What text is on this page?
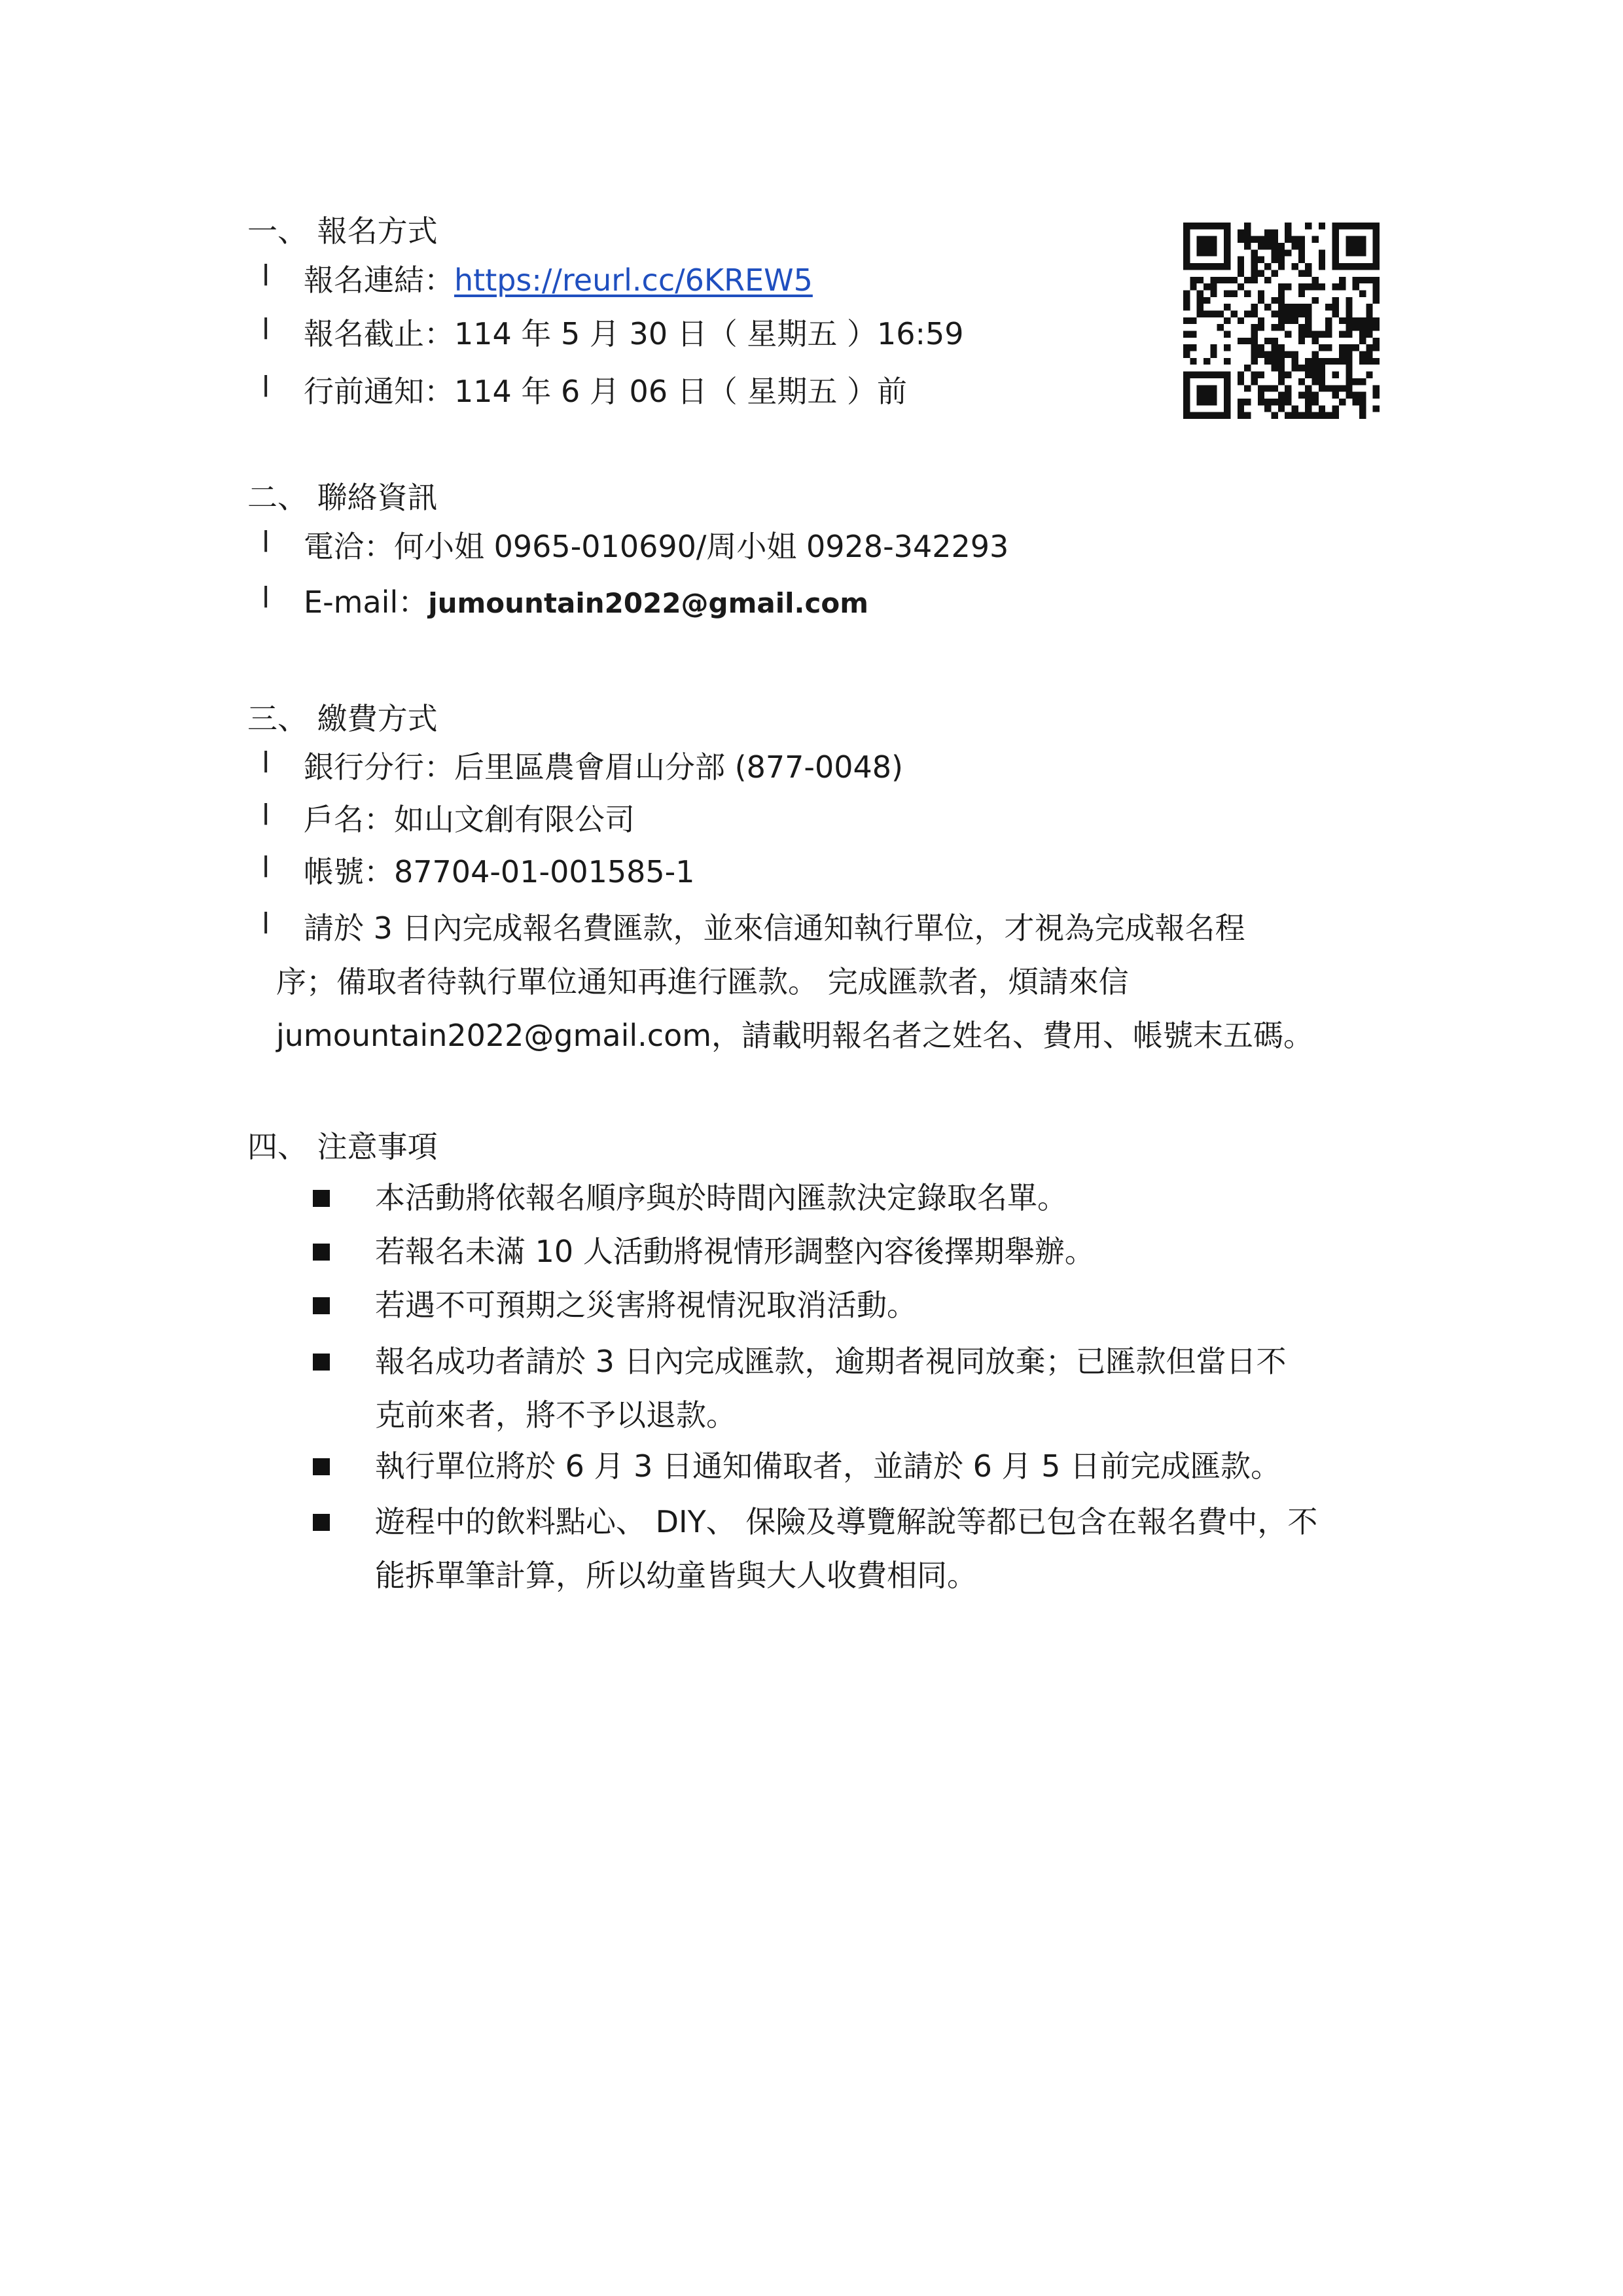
一、 報名方式
l 報名連結：https://reurl.cc/6KREW5
l 報名截止：114 年 5 月 30 日（ 星期五 ）16:59
l 行前通知：114 年 6 月 06 日（ 星期五 ）前
二、 聯絡資訊
l 電洽：何小姐 0965-010690/周小姐 0928-342293
l E-mail：jumountain2022@gmail.com
三、 繳費方式
l 銀行分行：后里區農會眉山分部 (877-0048)
l 戶名：如山文創有限公司
l 帳號：87704-01-001585-1
l 請於 3 日內完成報名費匯款，並來信通知執行單位，才視為完成報名程
序；備取者待執行單位通知再進行匯款。 完成匯款者，煩請來信
jumountain2022@gmail.com，請載明報名者之姓名、費用、帳號末五碼。
四、 注意事項
本活動將依報名順序與於時間內匯款決定錄取名單。
若報名未滿 10 人活動將視情形調整內容後擇期舉辦。
若遇不可預期之災害將視情況取消活動。
報名成功者請於 3 日內完成匯款，逾期者視同放棄；已匯款但當日不
克前來者，將不予以退款。
執行單位將於 6 月 3 日通知備取者，並請於 6 月 5 日前完成匯款。
遊程中的飲料點心、 DIY、 保險及導覽解說等都已包含在報名費中，不
能拆單筆計算，所以幼童皆與大人收費相同。
